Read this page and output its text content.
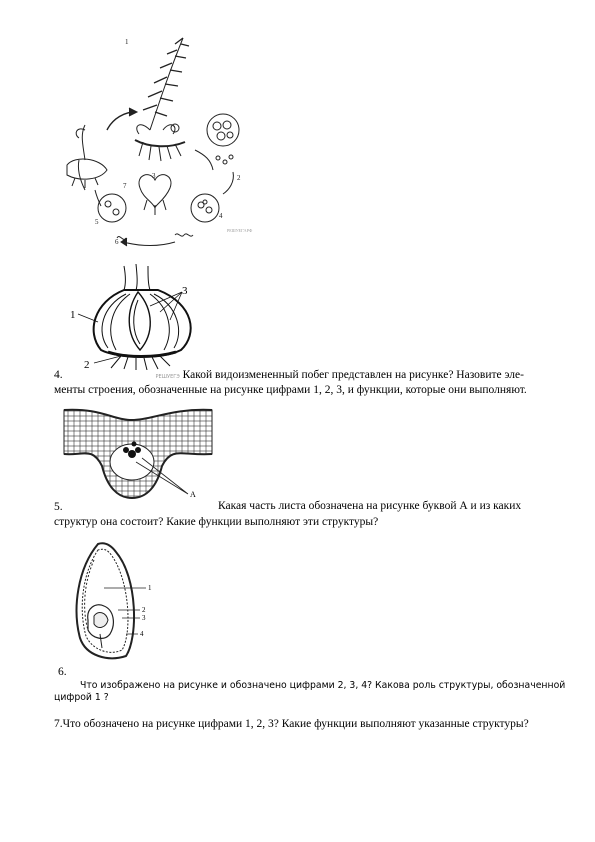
1
2
3
4
5
6
7
РЕШУЕГЭ.РФ
1
2
3
4.	РЕШУЕГЭ Какой видоизмененный побег представлен на рисунке? Назовите эле-
менты строения, обозначенные на рисунке цифрами 1, 2, 3, и функции, которые они выполняют.
А
5.	Какая часть листа обозначена на рисунке буквой А и из каких
структур она состоит? Какие функции выполняют эти структуры?
1
2
3
4
6.
Что изображено на рисунке и обозначено цифрами 2, 3, 4? Какова роль структуры, обозначенной
цифрой 1 ?
7.Что обозначено на рисунке цифрами 1, 2, 3? Какие функции выполняют указанные структуры?
